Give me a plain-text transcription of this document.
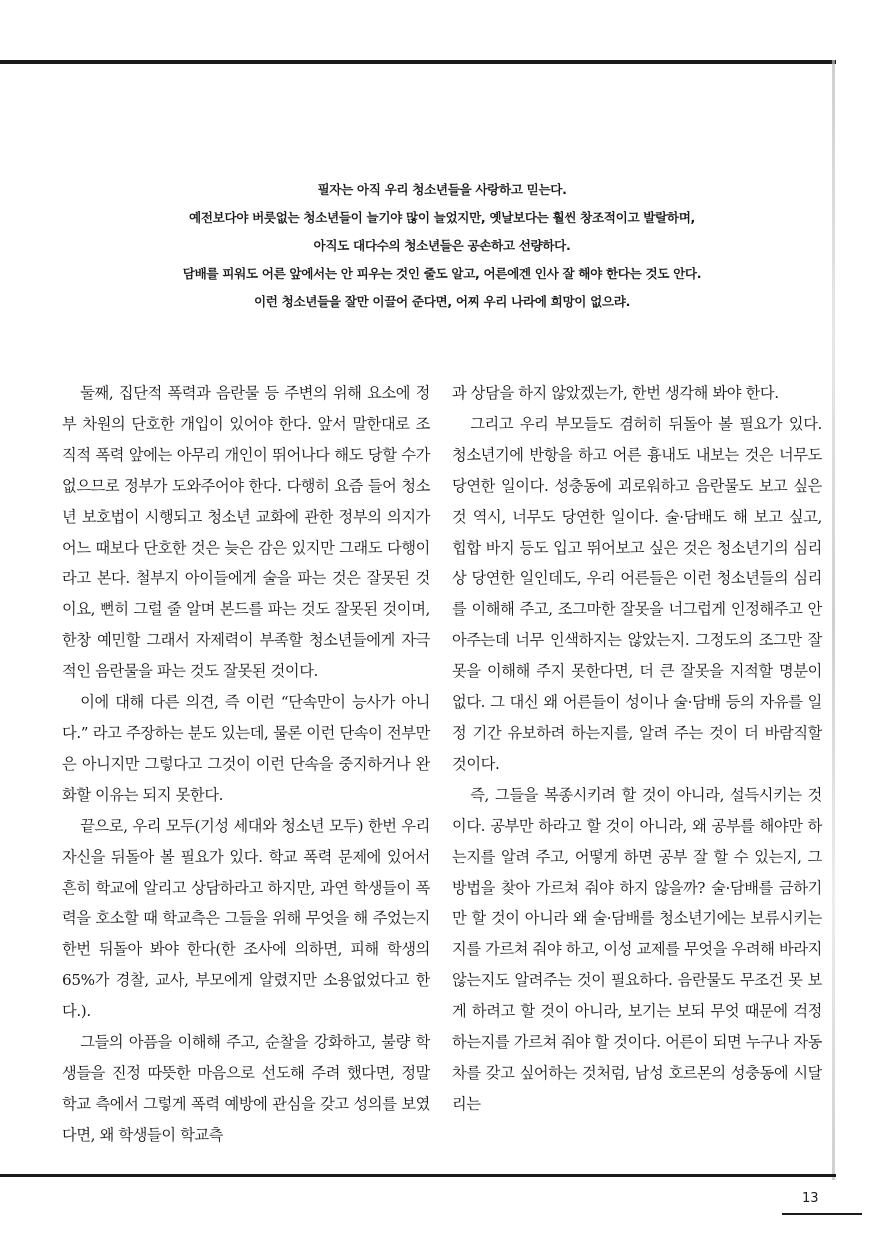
필자는 아직 우리 청소년들을 사랑하고 믿는다.

예전보다야 버릇없는 청소년들이 늘기야 많이 늘었지만, 옛날보다는 훨씬 창조적이고 발랄하며,

아직도 대다수의 청소년들은 공손하고 선량하다.

담배를 피워도 어른 앞에서는 안 피우는 것인 줄도 알고, 어른에겐 인사 잘 해야 한다는 것도 안다.

이런 청소년들을 잘만 이끌어 준다면, 어찌 우리 나라에 희망이 없으랴.

둘째, 집단적 폭력과 음란물 등 주변의 위해 요소에 정부 차원의 단호한 개입이 있어야 한다. 앞서 말한대로 조직적 폭력 앞에는 아무리 개인이 뛰어나다 해도 당할 수가 없으므로 정부가 도와주어야 한다. 다행히 요즘 들어 청소년 보호법이 시행되고 청소년 교화에 관한 정부의 의지가 어느 때보다 단호한 것은 늦은 감은 있지만 그래도 다행이라고 본다. 철부지 아이들에게 술을 파는 것은 잘못된 것이요, 뻔히 그럴 줄 알며 본드를 파는 것도 잘못된 것이며, 한창 예민할 그래서 자제력이 부족할 청소년들에게 자극적인 음란물을 파는 것도 잘못된 것이다.

이에 대해 다른 의견, 즉 이런 “단속만이 능사가 아니다.” 라고 주장하는 분도 있는데, 물론 이런 단속이 전부만은 아니지만 그렇다고 그것이 이런 단속을 중지하거나 완화할 이유는 되지 못한다.

끝으로, 우리 모두(기성 세대와 청소년 모두) 한번 우리 자신을 뒤돌아 볼 필요가 있다. 학교 폭력 문제에 있어서 흔히 학교에 알리고 상담하라고 하지만, 과연 학생들이 폭력을 호소할 때 학교측은 그들을 위해 무엇을 해 주었는지 한번 뒤돌아 봐야 한다(한 조사에 의하면, 피해 학생의 65%가 경찰, 교사, 부모에게 알렸지만 소용없었다고 한다.).

그들의 아픔을 이해해 주고, 순찰을 강화하고, 불량 학생들을 진정 따뜻한 마음으로 선도해 주려 했다면, 정말 학교 측에서 그렇게 폭력 예방에 관심을 갖고 성의를 보였다면, 왜 학생들이 학교측

과 상담을 하지 않았겠는가, 한번 생각해 봐야 한다.

그리고 우리 부모들도 겸허히 뒤돌아 볼 필요가 있다. 청소년기에 반항을 하고 어른 흉내도 내보는 것은 너무도 당연한 일이다. 성충동에 괴로워하고 음란물도 보고 싶은 것 역시, 너무도 당연한 일이다. 술·담배도 해 보고 싶고, 힙합 바지 등도 입고 뛰어보고 싶은 것은 청소년기의 심리상 당연한 일인데도, 우리 어른들은 이런 청소년들의 심리를 이해해 주고, 조그마한 잘못을 너그럽게 인정해주고 안아주는데 너무 인색하지는 않았는지. 그정도의 조그만 잘못을 이해해 주지 못한다면, 더 큰 잘못을 지적할 명분이 없다. 그 대신 왜 어른들이 성이나 술·담배 등의 자유를 일정 기간 유보하려 하는지를, 알려 주는 것이 더 바람직할 것이다.

즉, 그들을 복종시키려 할 것이 아니라, 설득시키는 것이다. 공부만 하라고 할 것이 아니라, 왜 공부를 해야만 하는지를 알려 주고, 어떻게 하면 공부 잘 할 수 있는지, 그 방법을 찾아 가르쳐 줘야 하지 않을까? 술·담배를 금하기만 할 것이 아니라 왜 술·담배를 청소년기에는 보류시키는지를 가르쳐 줘야 하고, 이성 교제를 무엇을 우려해 바라지 않는지도 알려주는 것이 필요하다. 음란물도 무조건 못 보게 하려고 할 것이 아니라, 보기는 보되 무엇 때문에 걱정하는지를 가르쳐 줘야 할 것이다. 어른이 되면 누구나 자동차를 갖고 싶어하는 것처럼, 남성 호르몬의 성충동에 시달리는

13
